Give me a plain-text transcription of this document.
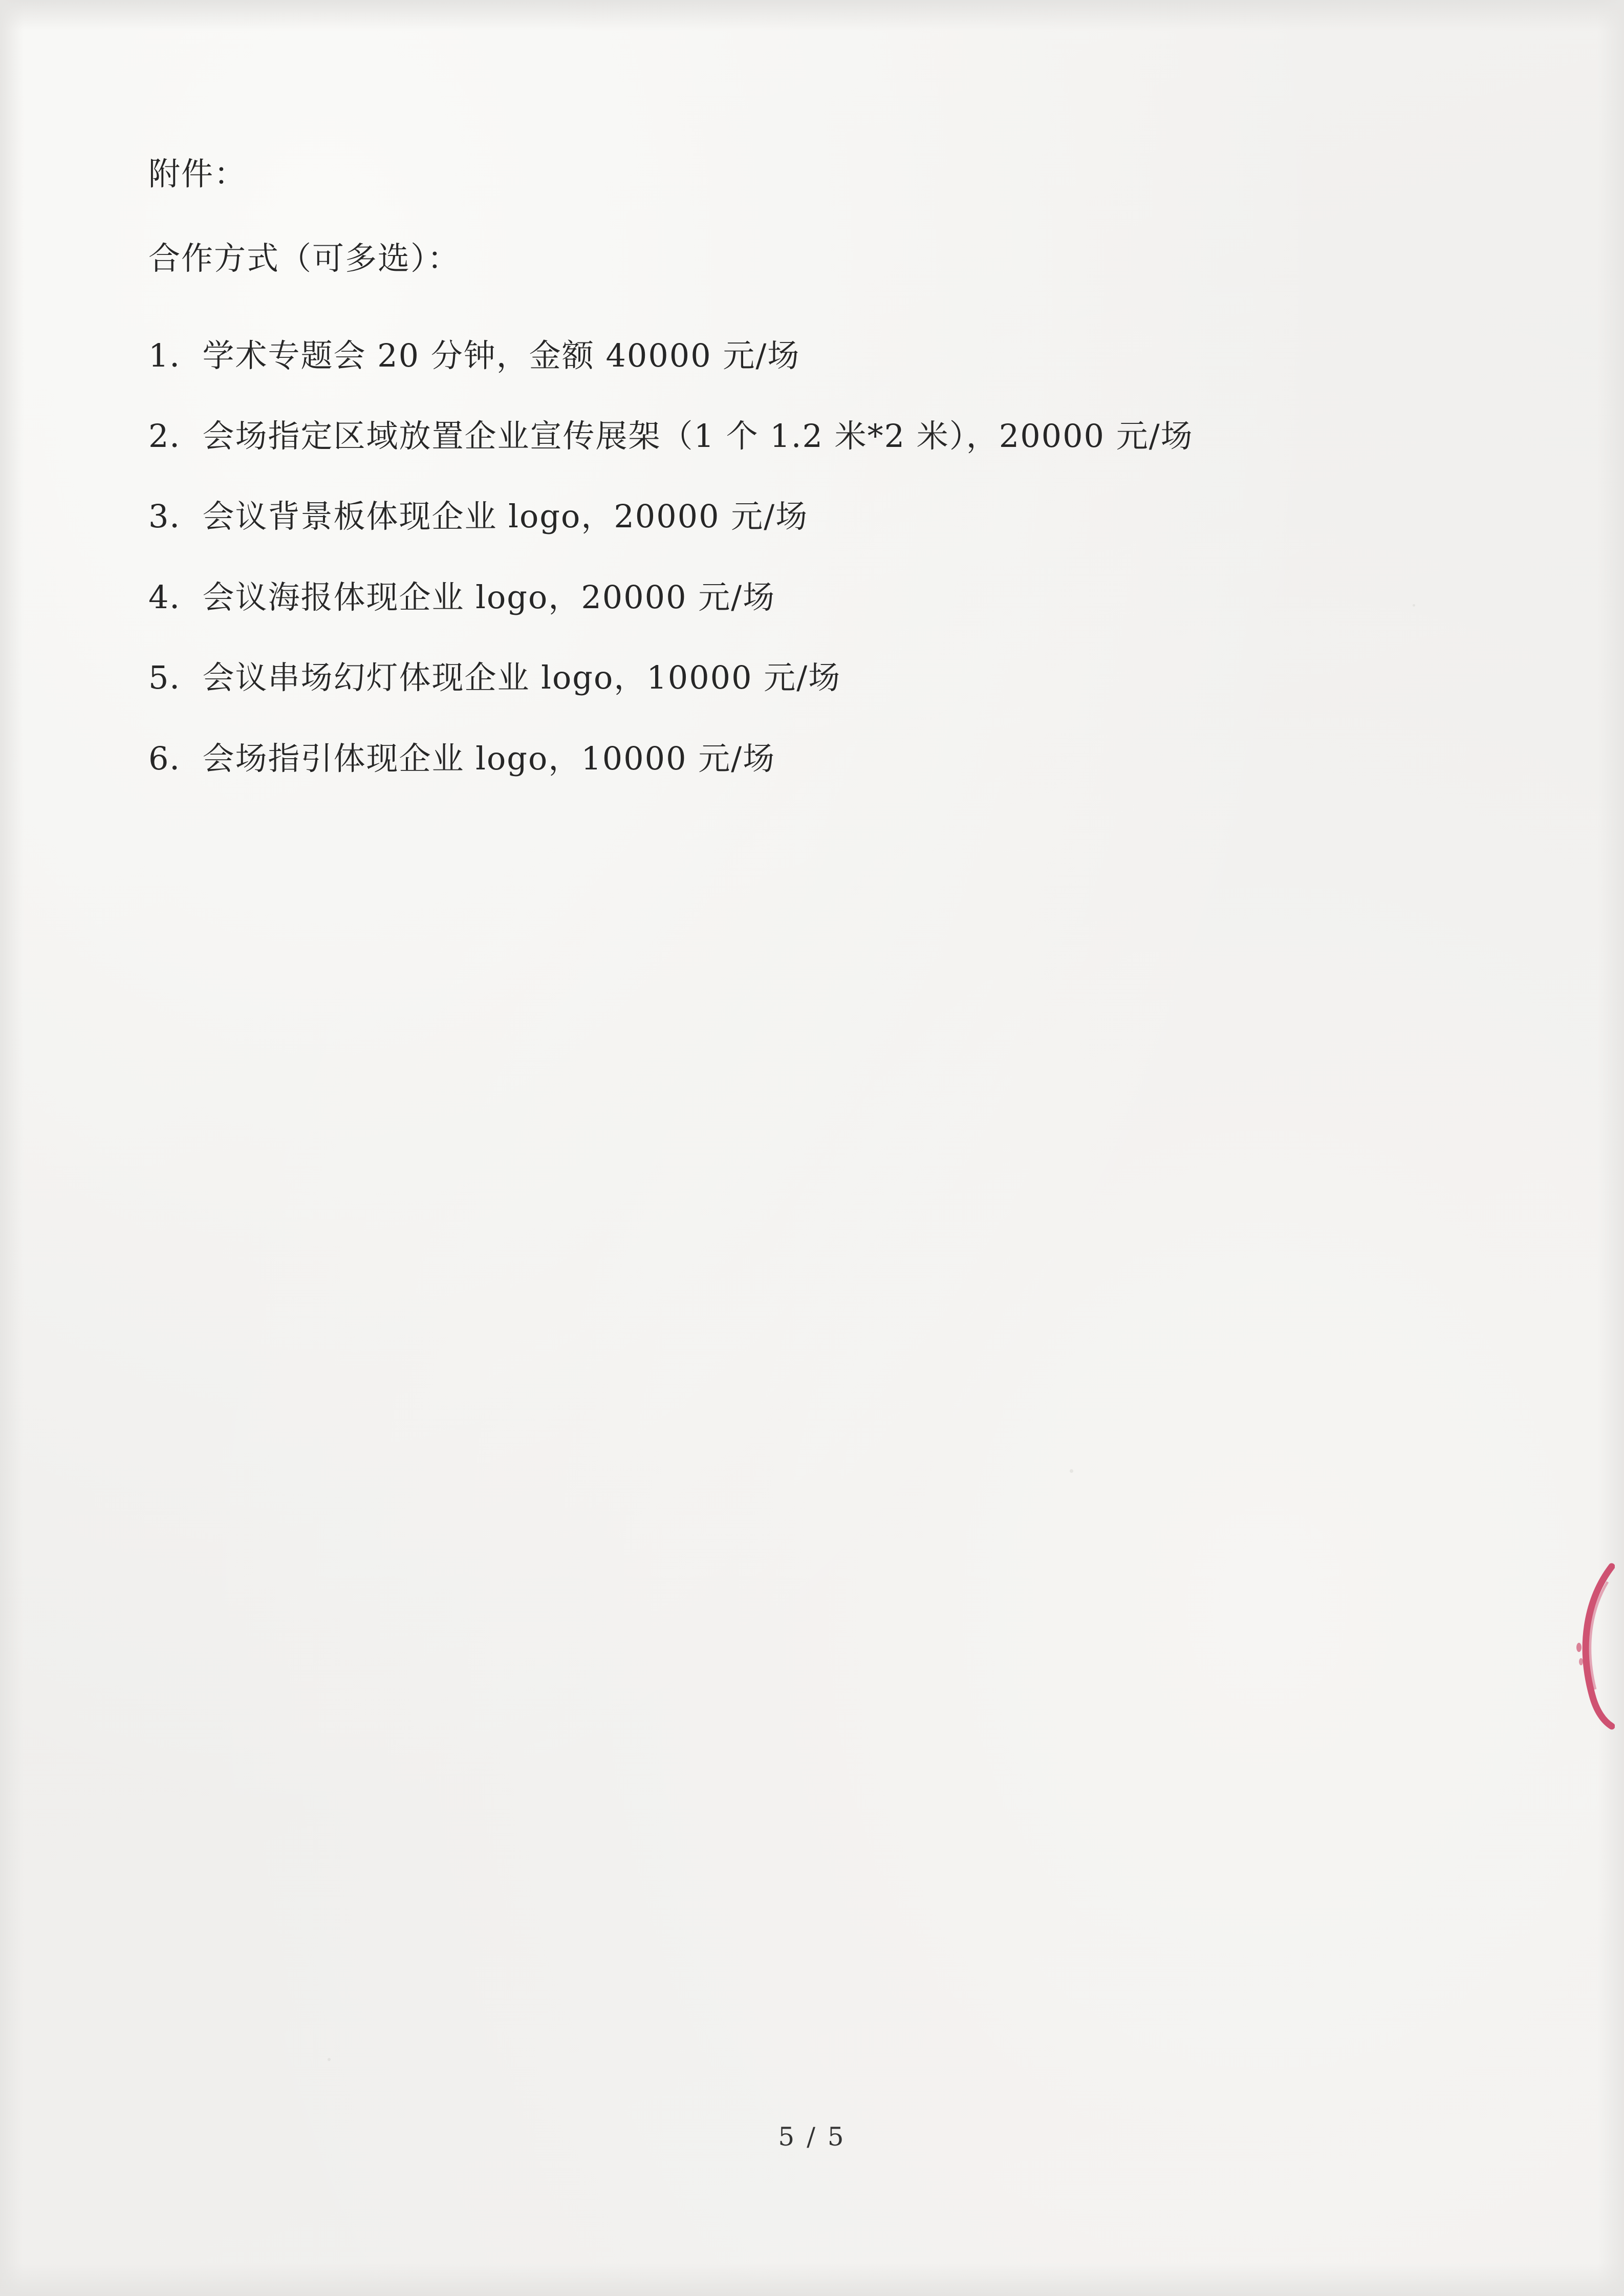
附件：
合作方式（可多选）：
1．学术专题会 20 分钟，金额 40000 元/场
2．会场指定区域放置企业宣传展架（1 个 1.2 米*2 米），20000 元/场
3．会议背景板体现企业 logo，20000 元/场
4．会议海报体现企业 logo，20000 元/场
5．会议串场幻灯体现企业 logo，10000 元/场
6．会场指引体现企业 logo，10000 元/场
5 / 5
